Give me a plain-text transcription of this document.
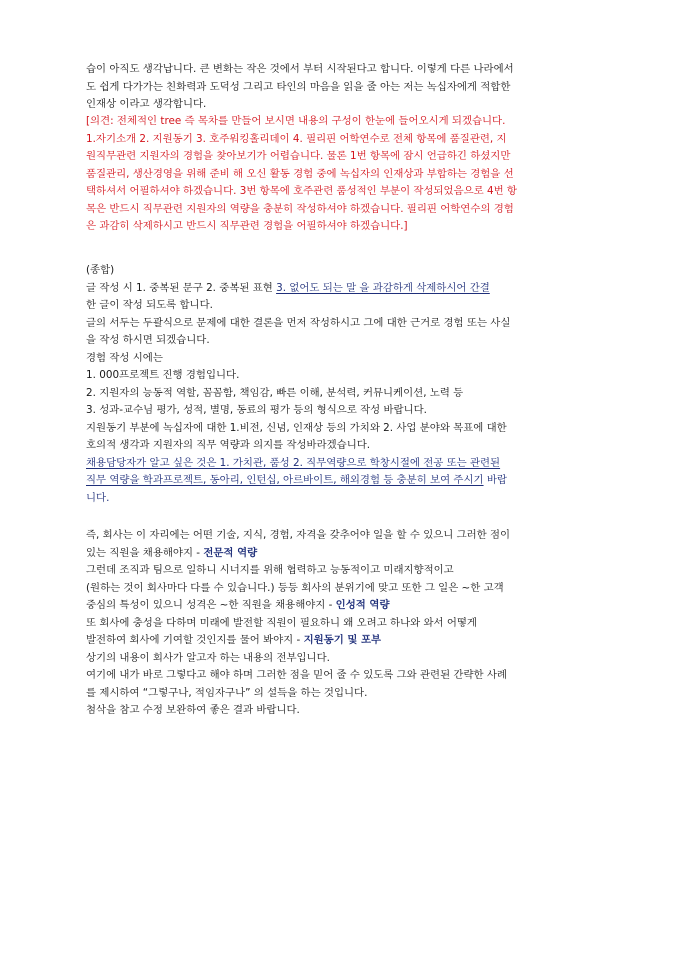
습이 아직도 생각납니다. 큰 변화는 작은 것에서 부터 시작된다고 합니다. 이렇게 다른 나라에서

도 쉽게 다가가는 친화력과 도덕성 그리고 타인의 마음을 읽을 줄 아는 저는 녹십자에게 적합한

인재상 이라고 생각합니다.

[의견: 전체적인 tree 즉 목차를 만들어 보시면 내용의 구성이 한눈에 들어오시게 되겠습니다.

1.자기소개 2. 지원동기 3. 호주워킹홀리데이 4. 필리핀 어학연수로 전체 항목에 품질관련, 지

원직무관련 지원자의 경험을 찾아보기가 어렵습니다. 물론 1번 항목에 잠시 언급하긴 하셨지만

품질관리, 생산경영을 위해 준비 해 오신 활동 경험 중에 녹십자의 인재상과 부합하는 경험을 선

택하셔서 어필하셔야 하겠습니다. 3번 항목에 호주관련 품성적인 부분이 작성되었음으로 4번 항

목은 반드시 직무관련 지원자의 역량을 충분히 작성하셔야 하겠습니다. 필리핀 어학연수의 경험

은 과감히 삭제하시고 반드시 직무관련 경험을 어필하셔야 하겠습니다.]

(종합)

글 작성 시 1. 중복된 문구 2. 중복된 표현 3. 없어도 되는 말 을 과감하게 삭제하시어 간결

한 글이 작성 되도록 합니다.

글의 서두는 두괄식으로 문제에 대한 결론을 먼저 작성하시고 그에 대한 근거로 경험 또는 사실

을 작성 하시면 되겠습니다.

경험 작성 시에는

1. 000프로젝트 진행 경험입니다.

2. 지원자의 능동적 역할, 꼼꼼함, 책임감, 빠른 이해, 분석력, 커뮤니케이션, 노력 등

3. 성과-교수님 평가, 성적, 별명, 동료의 평가 등의 형식으로 작성 바랍니다.

지원동기 부분에 녹십자에 대한 1.비전, 신념, 인재상 등의 가치와 2. 사업 분야와 목표에 대한

호의적 생각과 지원자의 직무 역량과 의지를 작성바라겠습니다.

채용담당자가 알고 싶은 것은 1. 가치관, 품성 2. 직무역량으로 학창시절에 전공 또는 관련된

직무 역량을 학과프로젝트, 동아리, 인턴십, 아르바이트, 해외경험 등 충분히 보여 주시기 바랍

니다.

즉, 회사는 이 자리에는 어떤 기술, 지식, 경험, 자격을 갖추어야 일을 할 수 있으니 그러한 점이

있는 직원을 채용해야지 - 전문적 역량

그런데 조직과 팀으로 일하니 시너지를 위해 협력하고 능동적이고 미래지향적이고

(원하는 것이 회사마다 다를 수 있습니다.) 등등 회사의 분위기에 맞고 또한 그 일은 ~한 고객

중심의 특성이 있으니 성격은 ~한 직원을 채용해야지 - 인성적 역량

또 회사에 충성을 다하며 미래에 발전할 직원이 필요하니 왜 오려고 하나와 와서 어떻게

발전하여 회사에 기여할 것인지를 물어 봐야지 - 지원동기 및 포부

상기의 내용이 회사가 알고자 하는 내용의 전부입니다.

여기에 내가 바로 그렇다고 해야 하며 그러한 점을 믿어 줄 수 있도록 그와 관련된 간략한 사례

를 제시하여 “그렇구나, 적임자구나” 의 설득을 하는 것입니다.

첨삭을 참고 수정 보완하여 좋은 결과 바랍니다.
